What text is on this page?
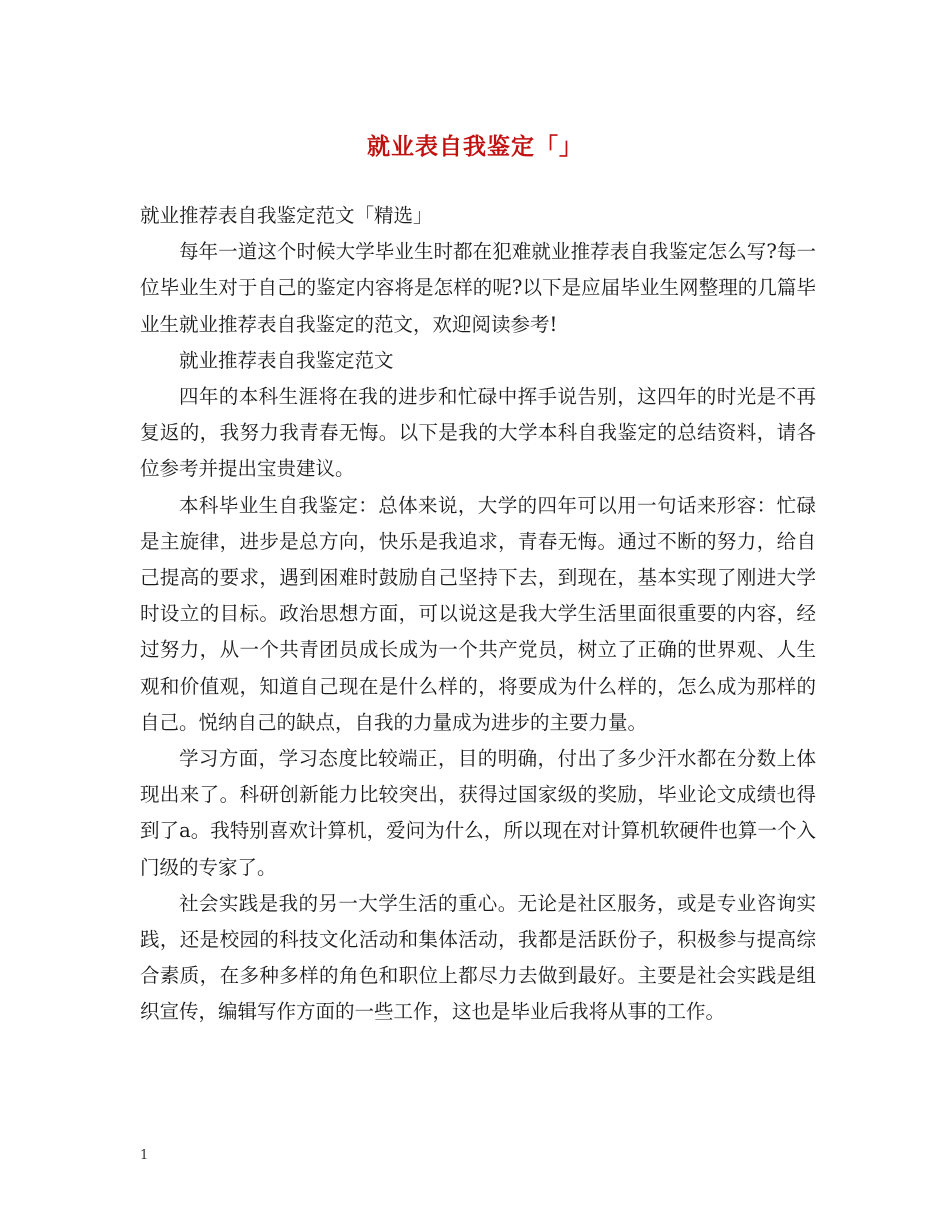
就业表自我鉴定「」

就业推荐表自我鉴定范文「精选」

每年一道这个时候大学毕业生时都在犯难就业推荐表自我鉴定怎么写?每一位毕业生对于自己的鉴定内容将是怎样的呢?以下是应届毕业生网整理的几篇毕业生就业推荐表自我鉴定的范文，欢迎阅读参考!

就业推荐表自我鉴定范文

四年的本科生涯将在我的进步和忙碌中挥手说告别，这四年的时光是不再复返的，我努力我青春无悔。以下是我的大学本科自我鉴定的总结资料，请各位参考并提出宝贵建议。

本科毕业生自我鉴定：总体来说，大学的四年可以用一句话来形容：忙碌是主旋律，进步是总方向，快乐是我追求，青春无悔。通过不断的努力，给自己提高的要求，遇到困难时鼓励自己坚持下去，到现在，基本实现了刚进大学时设立的目标。政治思想方面，可以说这是我大学生活里面很重要的内容，经过努力，从一个共青团员成长成为一个共产党员，树立了正确的世界观、人生观和价值观，知道自己现在是什么样的，将要成为什么样的，怎么成为那样的自己。悦纳自己的缺点，自我的力量成为进步的主要力量。

学习方面，学习态度比较端正，目的明确，付出了多少汗水都在分数上体现出来了。科研创新能力比较突出，获得过国家级的奖励，毕业论文成绩也得到了a。我特别喜欢计算机，爱问为什么，所以现在对计算机软硬件也算一个入门级的专家了。

社会实践是我的另一大学生活的重心。无论是社区服务，或是专业咨询实践，还是校园的科技文化活动和集体活动，我都是活跃份子，积极参与提高综合素质，在多种多样的角色和职位上都尽力去做到最好。主要是社会实践是组织宣传，编辑写作方面的一些工作，这也是毕业后我将从事的工作。

1
